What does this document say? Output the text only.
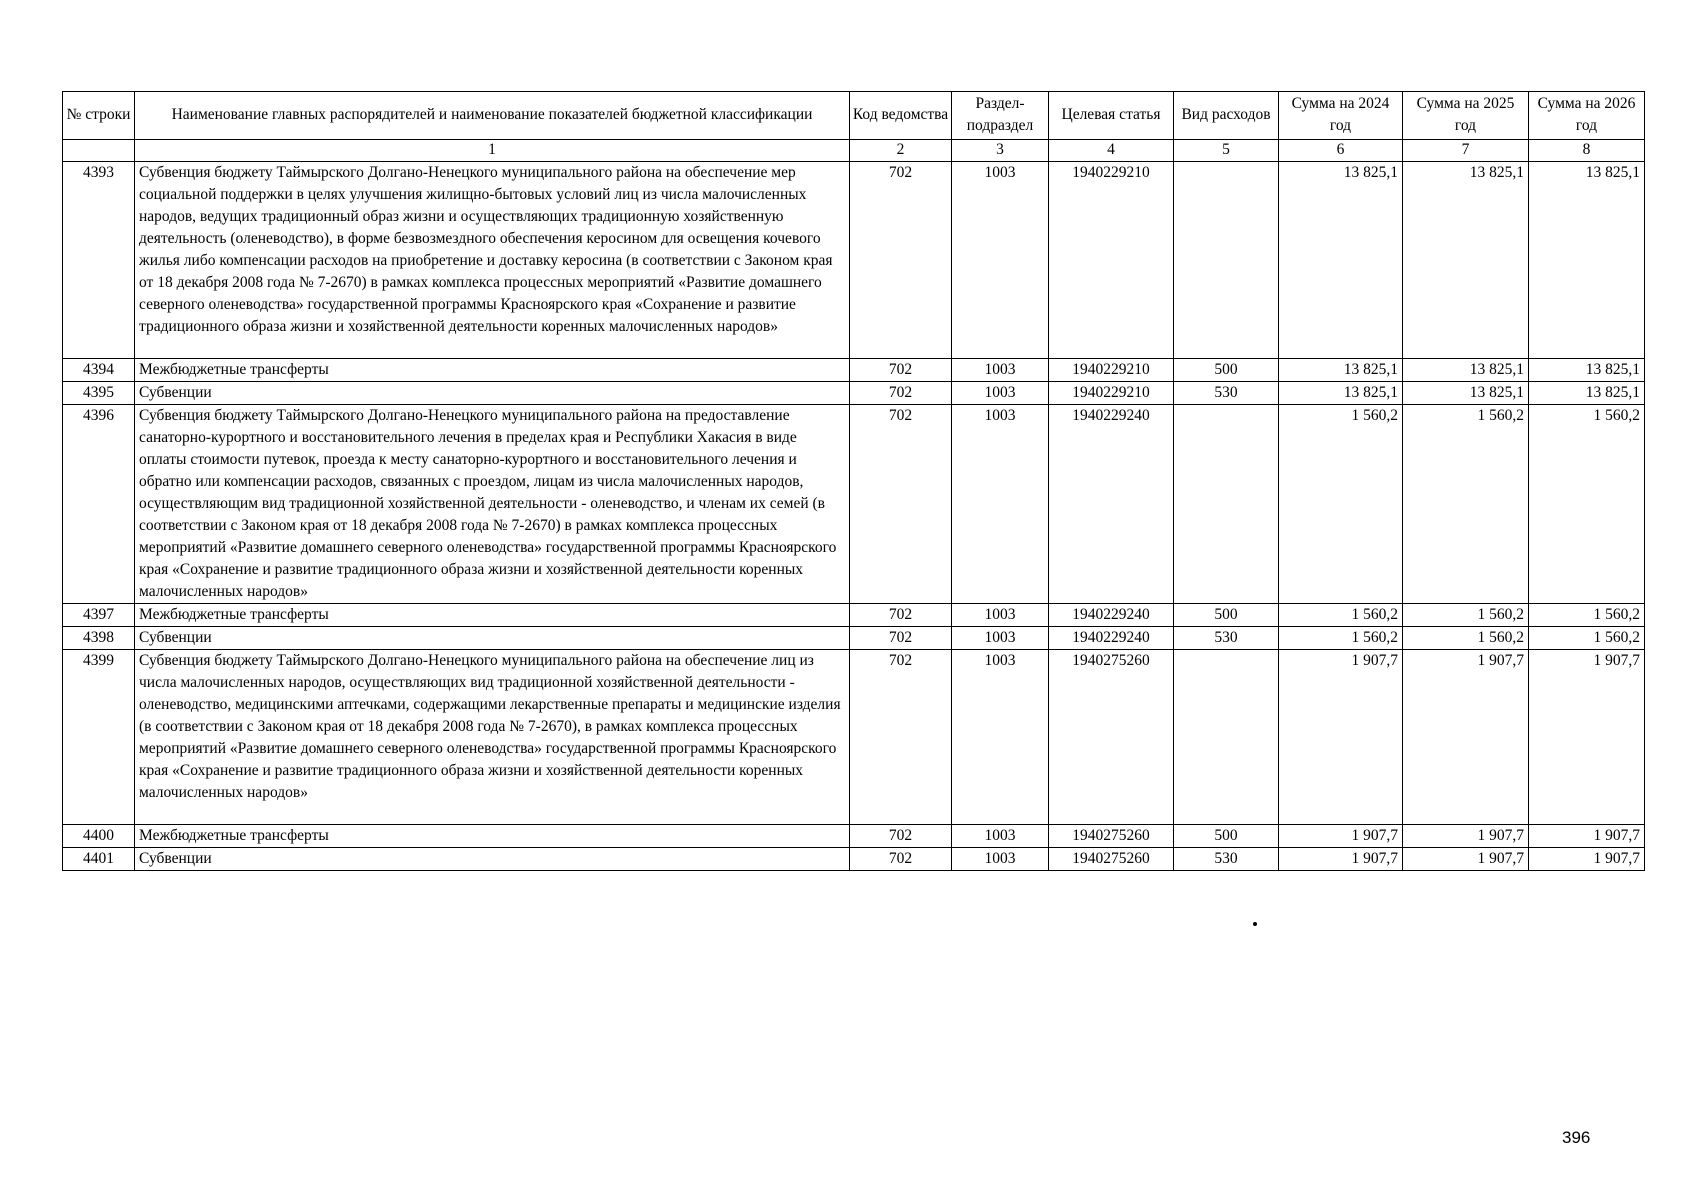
№ строки	Наименование главных распорядителей и наименование показателей бюджетной классификации	Код ведомства	Раздел-подраздел	Целевая статья	Вид расходов	Сумма на 2024 год	Сумма на 2025 год	Сумма на 2026 год
	1	2	3	4	5	6	7	8
4393	Субвенция бюджету Таймырского Долгано-Ненецкого муниципального района на обеспечение мер социальной поддержки в целях улучшения жилищно-бытовых условий лиц из числа малочисленных народов, ведущих традиционный образ жизни и осуществляющих традиционную хозяйственную деятельность (оленеводство), в форме безвозмездного обеспечения керосином для освещения кочевого жилья либо компенсации расходов на приобретение и доставку керосина (в соответствии с Законом края от 18 декабря 2008 года № 7-2670) в рамках комплекса процессных мероприятий «Развитие домашнего северного оленеводства» государственной программы Красноярского края «Сохранение и развитие традиционного образа жизни и хозяйственной деятельности коренных малочисленных народов»	702	1003	1940229210		13 825,1	13 825,1	13 825,1
4394	Межбюджетные трансферты	702	1003	1940229210	500	13 825,1	13 825,1	13 825,1
4395	Субвенции	702	1003	1940229210	530	13 825,1	13 825,1	13 825,1
4396	Субвенция бюджету Таймырского Долгано-Ненецкого муниципального района на предоставление санаторно-курортного и восстановительного лечения в пределах края и Республики Хакасия в виде оплаты стоимости путевок, проезда к месту санаторно-курортного и восстановительного лечения и обратно или компенсации расходов, связанных с проездом, лицам из числа малочисленных народов, осуществляющим вид традиционной хозяйственной деятельности - оленеводство, и членам их семей (в соответствии с Законом края от 18 декабря 2008 года № 7-2670) в рамках комплекса процессных мероприятий «Развитие домашнего северного оленеводства» государственной программы Красноярского края «Сохранение и развитие традиционного образа жизни и хозяйственной деятельности коренных малочисленных народов»	702	1003	1940229240		1 560,2	1 560,2	1 560,2
4397	Межбюджетные трансферты	702	1003	1940229240	500	1 560,2	1 560,2	1 560,2
4398	Субвенции	702	1003	1940229240	530	1 560,2	1 560,2	1 560,2
4399	Субвенция бюджету Таймырского Долгано-Ненецкого муниципального района на обеспечение лиц из числа малочисленных народов, осуществляющих вид традиционной хозяйственной деятельности - оленеводство, медицинскими аптечками, содержащими лекарственные препараты и медицинские изделия (в соответствии с Законом края от 18 декабря 2008 года № 7-2670), в рамках комплекса процессных мероприятий «Развитие домашнего северного оленеводства» государственной программы Красноярского края «Сохранение и развитие традиционного образа жизни и хозяйственной деятельности коренных малочисленных народов»	702	1003	1940275260		1 907,7	1 907,7	1 907,7
4400	Межбюджетные трансферты	702	1003	1940275260	500	1 907,7	1 907,7	1 907,7
4401	Субвенции	702	1003	1940275260	530	1 907,7	1 907,7	1 907,7
396
